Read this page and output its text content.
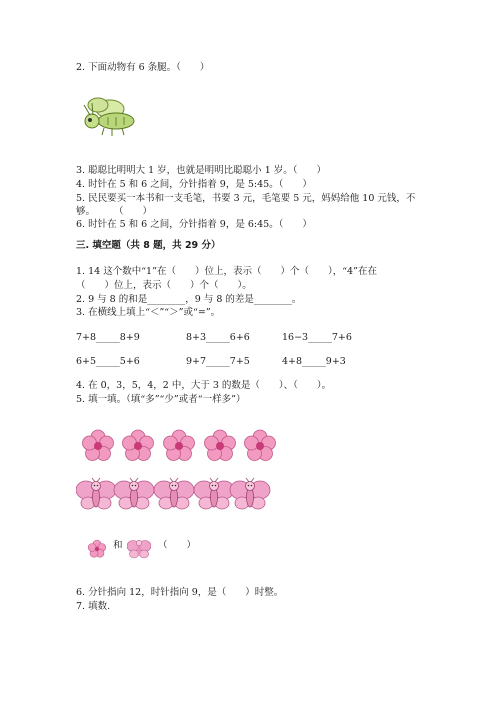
2. 下面动物有 6 条腿。（　　）
3. 聪聪比明明大 1 岁，也就是明明比聪聪小 1 岁。（　　）
4. 时针在 5 和 6 之间，分针指着 9，是 5:45。（　　）
5. 民民要买一本书和一支毛笔，书要 3 元，毛笔要 5 元，妈妈给他 10 元钱，不
够。　　　（　　）
6. 时针在 5 和 6 之间，分针指着 9，是 6:45。（　　）
三. 填空题（共 8 题，共 29 分）
1. 14 这个数中“1”在（　　）位上，表示（　　）个（　　），“4”在在
（　　）位上，表示（　　）个（　　）。
2. 9 与 8 的和是________，9 与 8 的差是________。
3. 在横线上填上“＜”“＞”或“=”。
7+8_____8+9	8+3_____6+6	16−3_____7+6
6+5_____5+6	9+7_____7+5	4+8_____9+3
4. 在 0，3，5，4，2 中，大于 3 的数是（　　）、（　　）。
5. 填一填。（填“多”“少”或者“一样多”）
和	（　　）
6. 分针指向 12，时针指向 9，是（　　）时整。
7. 填数.
